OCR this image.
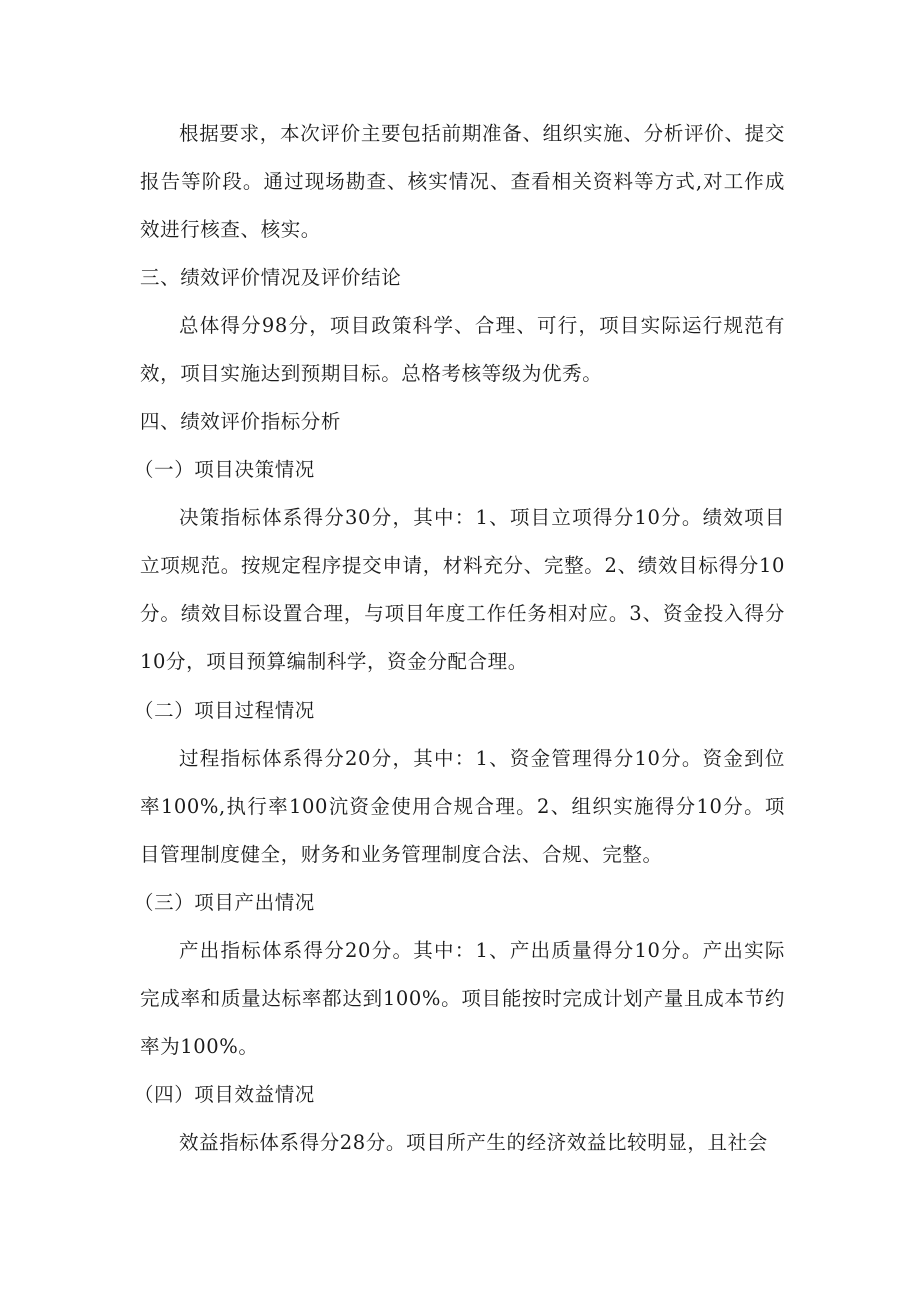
根据要求，本次评价主要包括前期准备、组织实施、分析评价、提交报告等阶段。通过现场勘查、核实情况、查看相关资料等方式,对工作成效进行核查、核实。

三、绩效评价情况及评价结论

总体得分98分，项目政策科学、合理、可行，项目实际运行规范有效，项目实施达到预期目标。总格考核等级为优秀。

四、绩效评价指标分析

（一）项目决策情况

决策指标体系得分30分，其中：1、项目立项得分10分。绩效项目立项规范。按规定程序提交申请，材料充分、完整。2、绩效目标得分10分。绩效目标设置合理，与项目年度工作任务相对应。3、资金投入得分10分，项目预算编制科学，资金分配合理。

（二）项目过程情况

过程指标体系得分20分，其中：1、资金管理得分10分。资金到位率100%,执行率100沆资金使用合规合理。2、组织实施得分10分。项目管理制度健全，财务和业务管理制度合法、合规、完整。

（三）项目产出情况

产出指标体系得分20分。其中：1、产出质量得分10分。产出实际完成率和质量达标率都达到100%。项目能按时完成计划产量且成本节约率为100%。

（四）项目效益情况

效益指标体系得分28分。项目所产生的经济效益比较明显，且社会
